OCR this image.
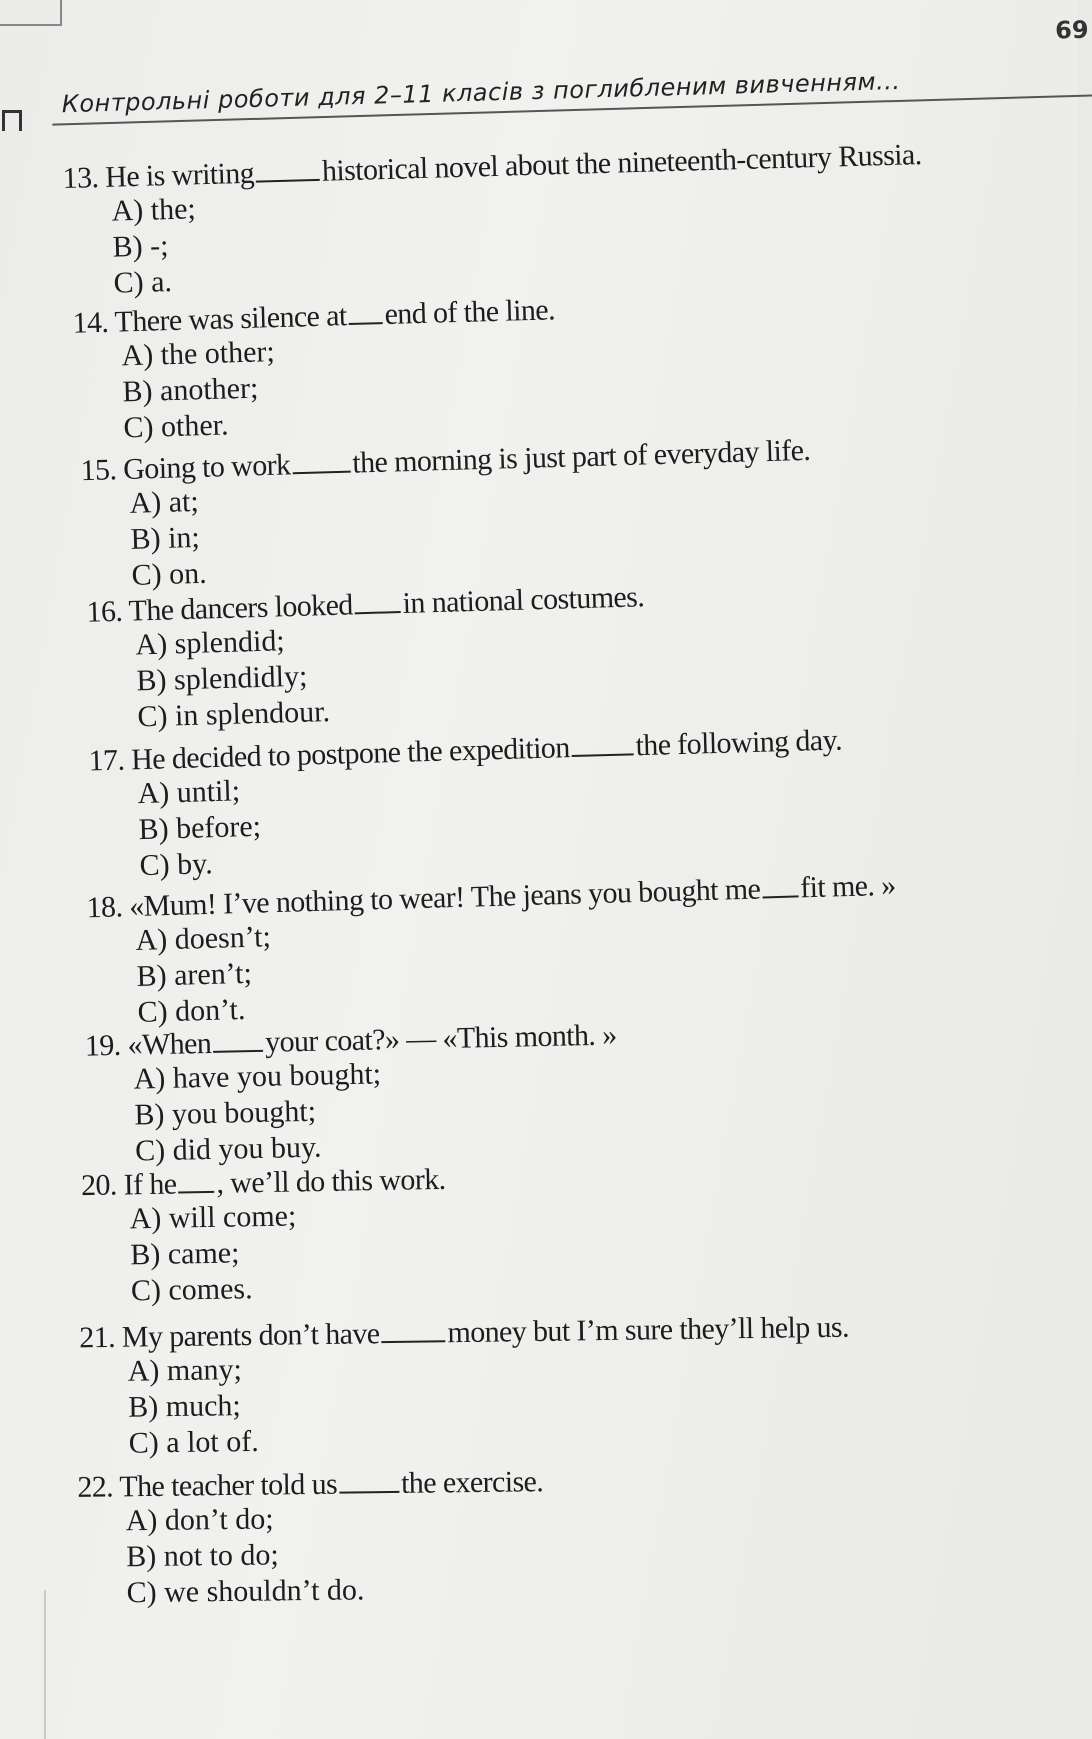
Контрольні роботи для 2–11 класів з поглибленим вивченням...
69
13. He is writing historical novel about the nineteenth-century Russia.
A) the;
B) -;
C) a.
14. There was silence at end of the line.
A) the other;
B) another;
C) other.
15. Going to work the morning is just part of everyday life.
A) at;
B) in;
C) on.
16. The dancers looked in national costumes.
A) splendid;
B) splendidly;
C) in splendour.
17. He decided to postpone the expedition the following day.
A) until;
B) before;
C) by.
18. «Mum! I’ve nothing to wear! The jeans you bought me fit me. »
A) doesn’t;
B) aren’t;
C) don’t.
19. «When your coat?» — «This month. »
A) have you bought;
B) you bought;
C) did you buy.
20. If he , we’ll do this work.
A) will come;
B) came;
C) comes.
21. My parents don’t have money but I’m sure they’ll help us.
A) many;
B) much;
C) a lot of.
22. The teacher told us the exercise.
A) don’t do;
B) not to do;
C) we shouldn’t do.
